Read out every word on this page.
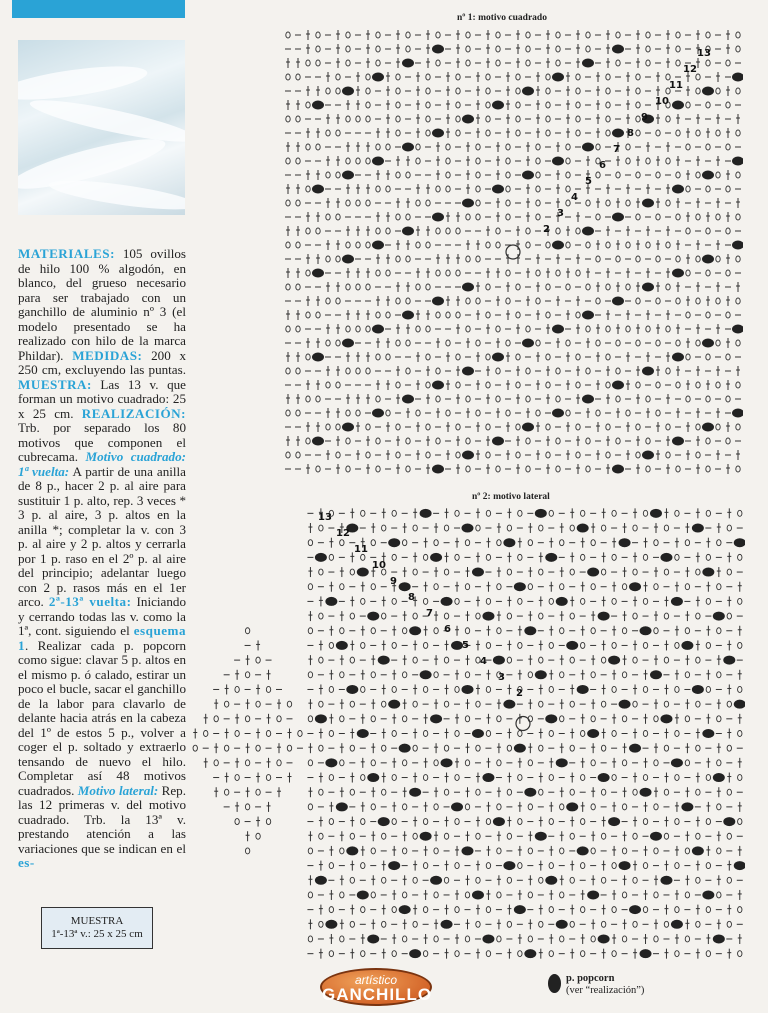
MATERIALES: 105 ovillos de hilo 100 % algodón, en blanco, del grueso necesario para ser trabajado con un ganchillo de aluminio nº 3 (el modelo presentado se ha realizado con hilo de la marca Phildar). MEDIDAS: 200 x 250 cm, excluyendo las puntas. MUESTRA: Las 13 v. que forman un motivo cuadrado: 25 x 25 cm. REALIZACIÓN: Trb. por separado los 80 motivos que componen el cubrecama. Motivo cuadrado: 1ª vuelta: A partir de una anilla de 8 p., hacer 2 p. al aire para sustituir 1 p. alto, rep. 3 veces * 3 p. al aire, 3 p. altos en la anilla *; completar la v. con 3 p. al aire y 2 p. altos y cerrarla por 1 p. raso en el 2º p. al aire del principio; adelantar luego con 2 p. rasos más en el 1er arco. 2ª-13ª vuelta: Iniciando y cerrando todas las v. como la 1ª, cont. siguiendo el esquema 1. Realizar cada p. popcorn como sigue: clavar 5 p. altos en el mismo p. ó calado, estirar un poco el bucle, sacar el ganchillo de la labor para clavarlo de delante hacia atrás en la cabeza del 1º de estos 5 p., volver a coger el p. soltado y extraerlo tensando de nuevo el hilo. Completar así 48 motivos cuadrados. Motivo lateral: Rep. las 12 primeras v. del motivo cuadrado. Trb. la 13ª v. prestando atención a las variaciones que se indican en el es-
MUESTRA
1ª-13ª v.: 25 x 25 cm
nº 1: motivo cuadrado
2
3
4
5
6
7
8
9
10
11
12
13
nº 2: motivo lateral
13
12
11
10
9
8
7
6
5
4
3
2
artístico
GANCHILLO
p. popcorn
(ver “realización”)
